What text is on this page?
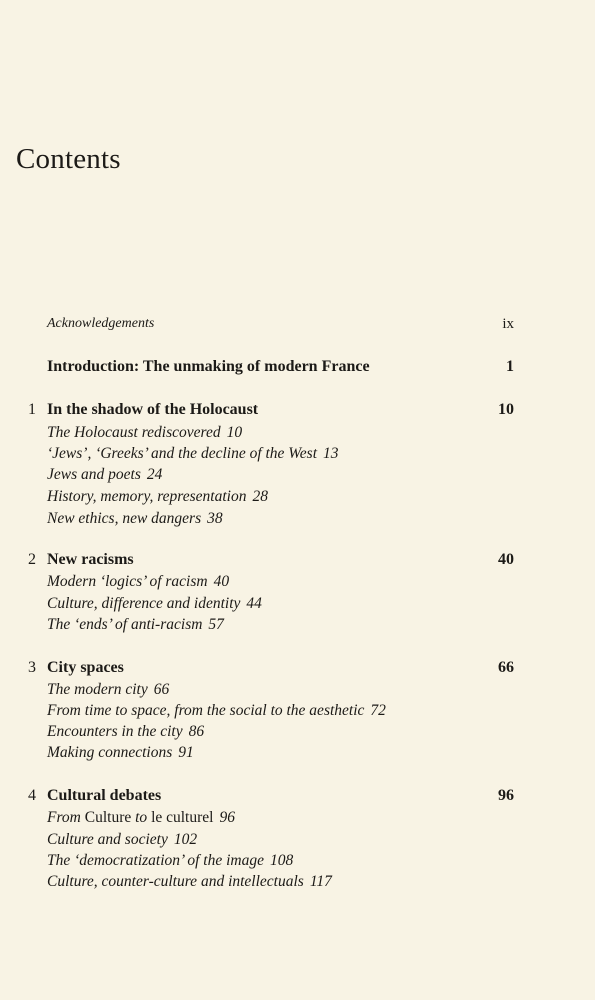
Contents
Acknowledgements	ix
Introduction: The unmaking of modern France	1
1 In the shadow of the Holocaust	10
The Holocaust rediscovered 10
‘Jews’, ‘Greeks’ and the decline of the West 13
Jews and poets 24
History, memory, representation 28
New ethics, new dangers 38
2 New racisms	40
Modern ‘logics’ of racism 40
Culture, difference and identity 44
The ‘ends’ of anti-racism 57
3 City spaces	66
The modern city 66
From time to space, from the social to the aesthetic 72
Encounters in the city 86
Making connections 91
4 Cultural debates	96
From Culture to le culturel 96
Culture and society 102
The ‘democratization’ of the image 108
Culture, counter-culture and intellectuals 117
